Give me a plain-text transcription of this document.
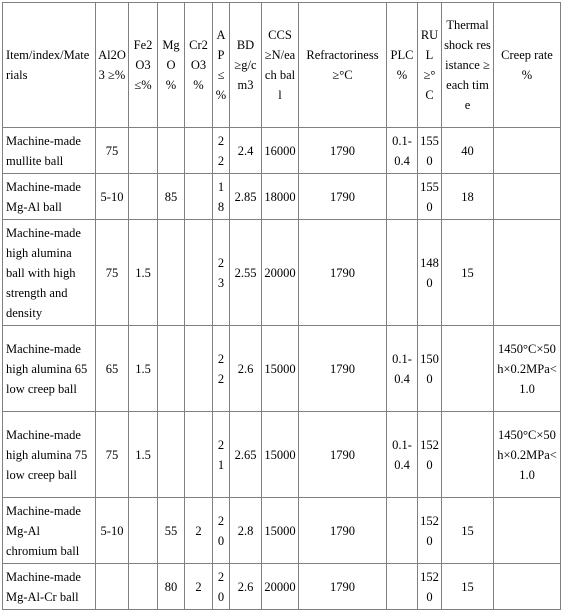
Item/index/Materials	Al2O3 ≥%	Fe2O3 ≤%	MgO %	Cr2O3 %	AP ≤ %	BD ≥g/cm3	CCS ≥N/each ball	Refractoriness≥°C	PLC %	RUL ≥°C	Thermal shock resistance ≥each time	Creep rate %
Machine-made mullite ball	75				22	2.4	16000	1790	0.1-0.4	1550	40	
Machine-made Mg-Al ball	5-10		85		18	2.85	18000	1790		1550	18	
Machine-made high alumina ball with high strength and density	75	1.5			23	2.55	20000	1790		1480	15	
Machine-made high alumina 65 low creep ball	65	1.5			22	2.6	15000	1790	0.1-0.4	1500		1450°C×50h×0.2MPa<1.0
Machine-made high alumina 75 low creep ball	75	1.5			21	2.65	15000	1790	0.1-0.4	1520		1450°C×50h×0.2MPa<1.0
Machine-made Mg-Al chromium ball	5-10		55	2	20	2.8	15000	1790		1520	15	
Machine-made Mg-Al-Cr ball			80	2	20	2.6	20000	1790		1520	15	
